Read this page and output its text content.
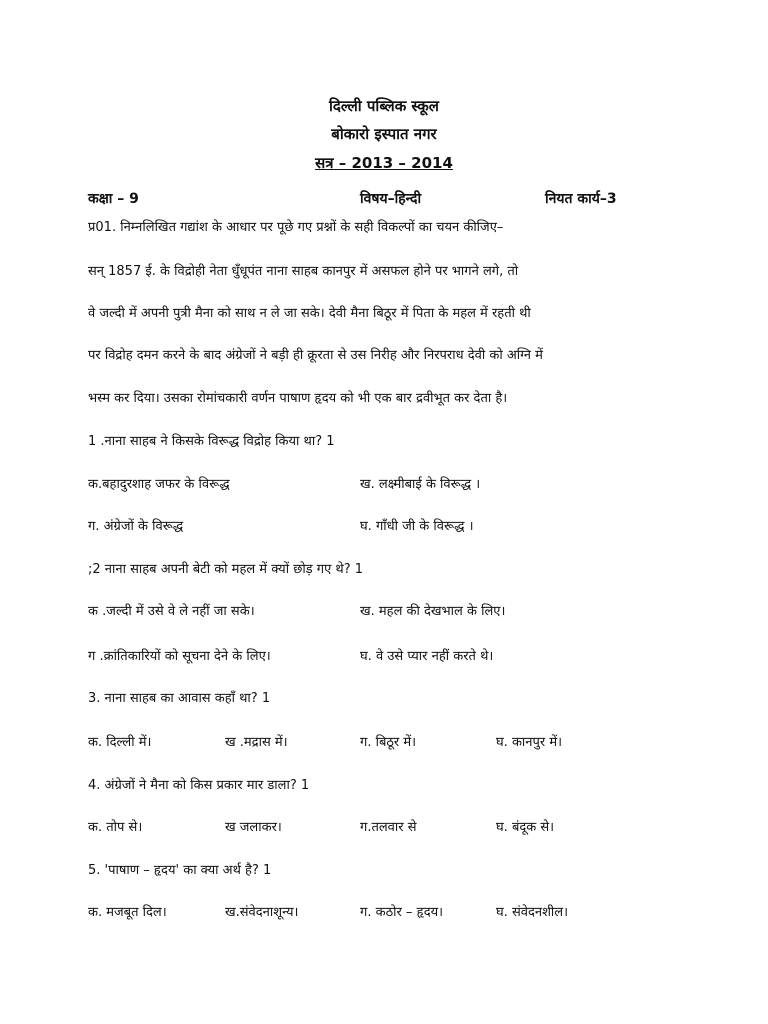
दिल्ली पब्लिक स्कूल
बोकारो इस्पात नगर
सत्र – 2013 – 2014
कक्षा – 9	विषय–हिन्दी	नियत कार्य–3
प्र01. निम्नलिखित गद्यांश के आधार पर पूछे गए प्रश्नों के सही विकल्पों का चयन कीजिए–
सन् 1857 ई. के विद्रोही नेता धुँधूपंत नाना साहब कानपुर में असफल होने पर भागने लगे, तो
वे जल्दी में अपनी पुत्री मैना को साथ न ले जा सके। देवी मैना बिठूर में पिता के महल में रहती थी
पर विद्रोह दमन करने के बाद अंग्रेजों ने बड़ी ही क्रूरता से उस निरीह और निरपराध देवी को अग्नि में
भस्म कर दिया। उसका रोमांचकारी वर्णन पाषाण हृदय को भी एक बार द्रवीभूत कर देता है।
1 .नाना साहब ने किसके विरूद्ध विद्रोह किया था? 1
क.बहादुरशाह जफर के विरूद्ध	ख. लक्ष्मीबाई के विरूद्ध ।
ग. अंग्रेजों के विरूद्ध	घ. गाँधी जी के विरूद्ध ।
;2 नाना साहब अपनी बेटी को महल में क्यों छोड़ गए थे? 1
क .जल्दी में उसे वे ले नहीं जा सके।	ख. महल की देखभाल के लिए।
ग .क्रांतिकारियों को सूचना देने के लिए।	घ. वे उसे प्यार नहीं करते थे।
3. नाना साहब का आवास कहाँ था? 1
क. दिल्ली में।	ख .मद्रास में।	ग. बिठूर में।	घ. कानपुर में।
4. अंग्रेजों ने मैना को किस प्रकार मार डाला? 1
क. तोप से।	ख जलाकर।	ग.तलवार से	घ. बंदूक से।
5. 'पाषाण – हृदय' का क्या अर्थ है? 1
क. मजबूत दिल।	ख.संवेदनाशून्य।	ग. कठोर – हृदय।	घ. संवेदनशील।
